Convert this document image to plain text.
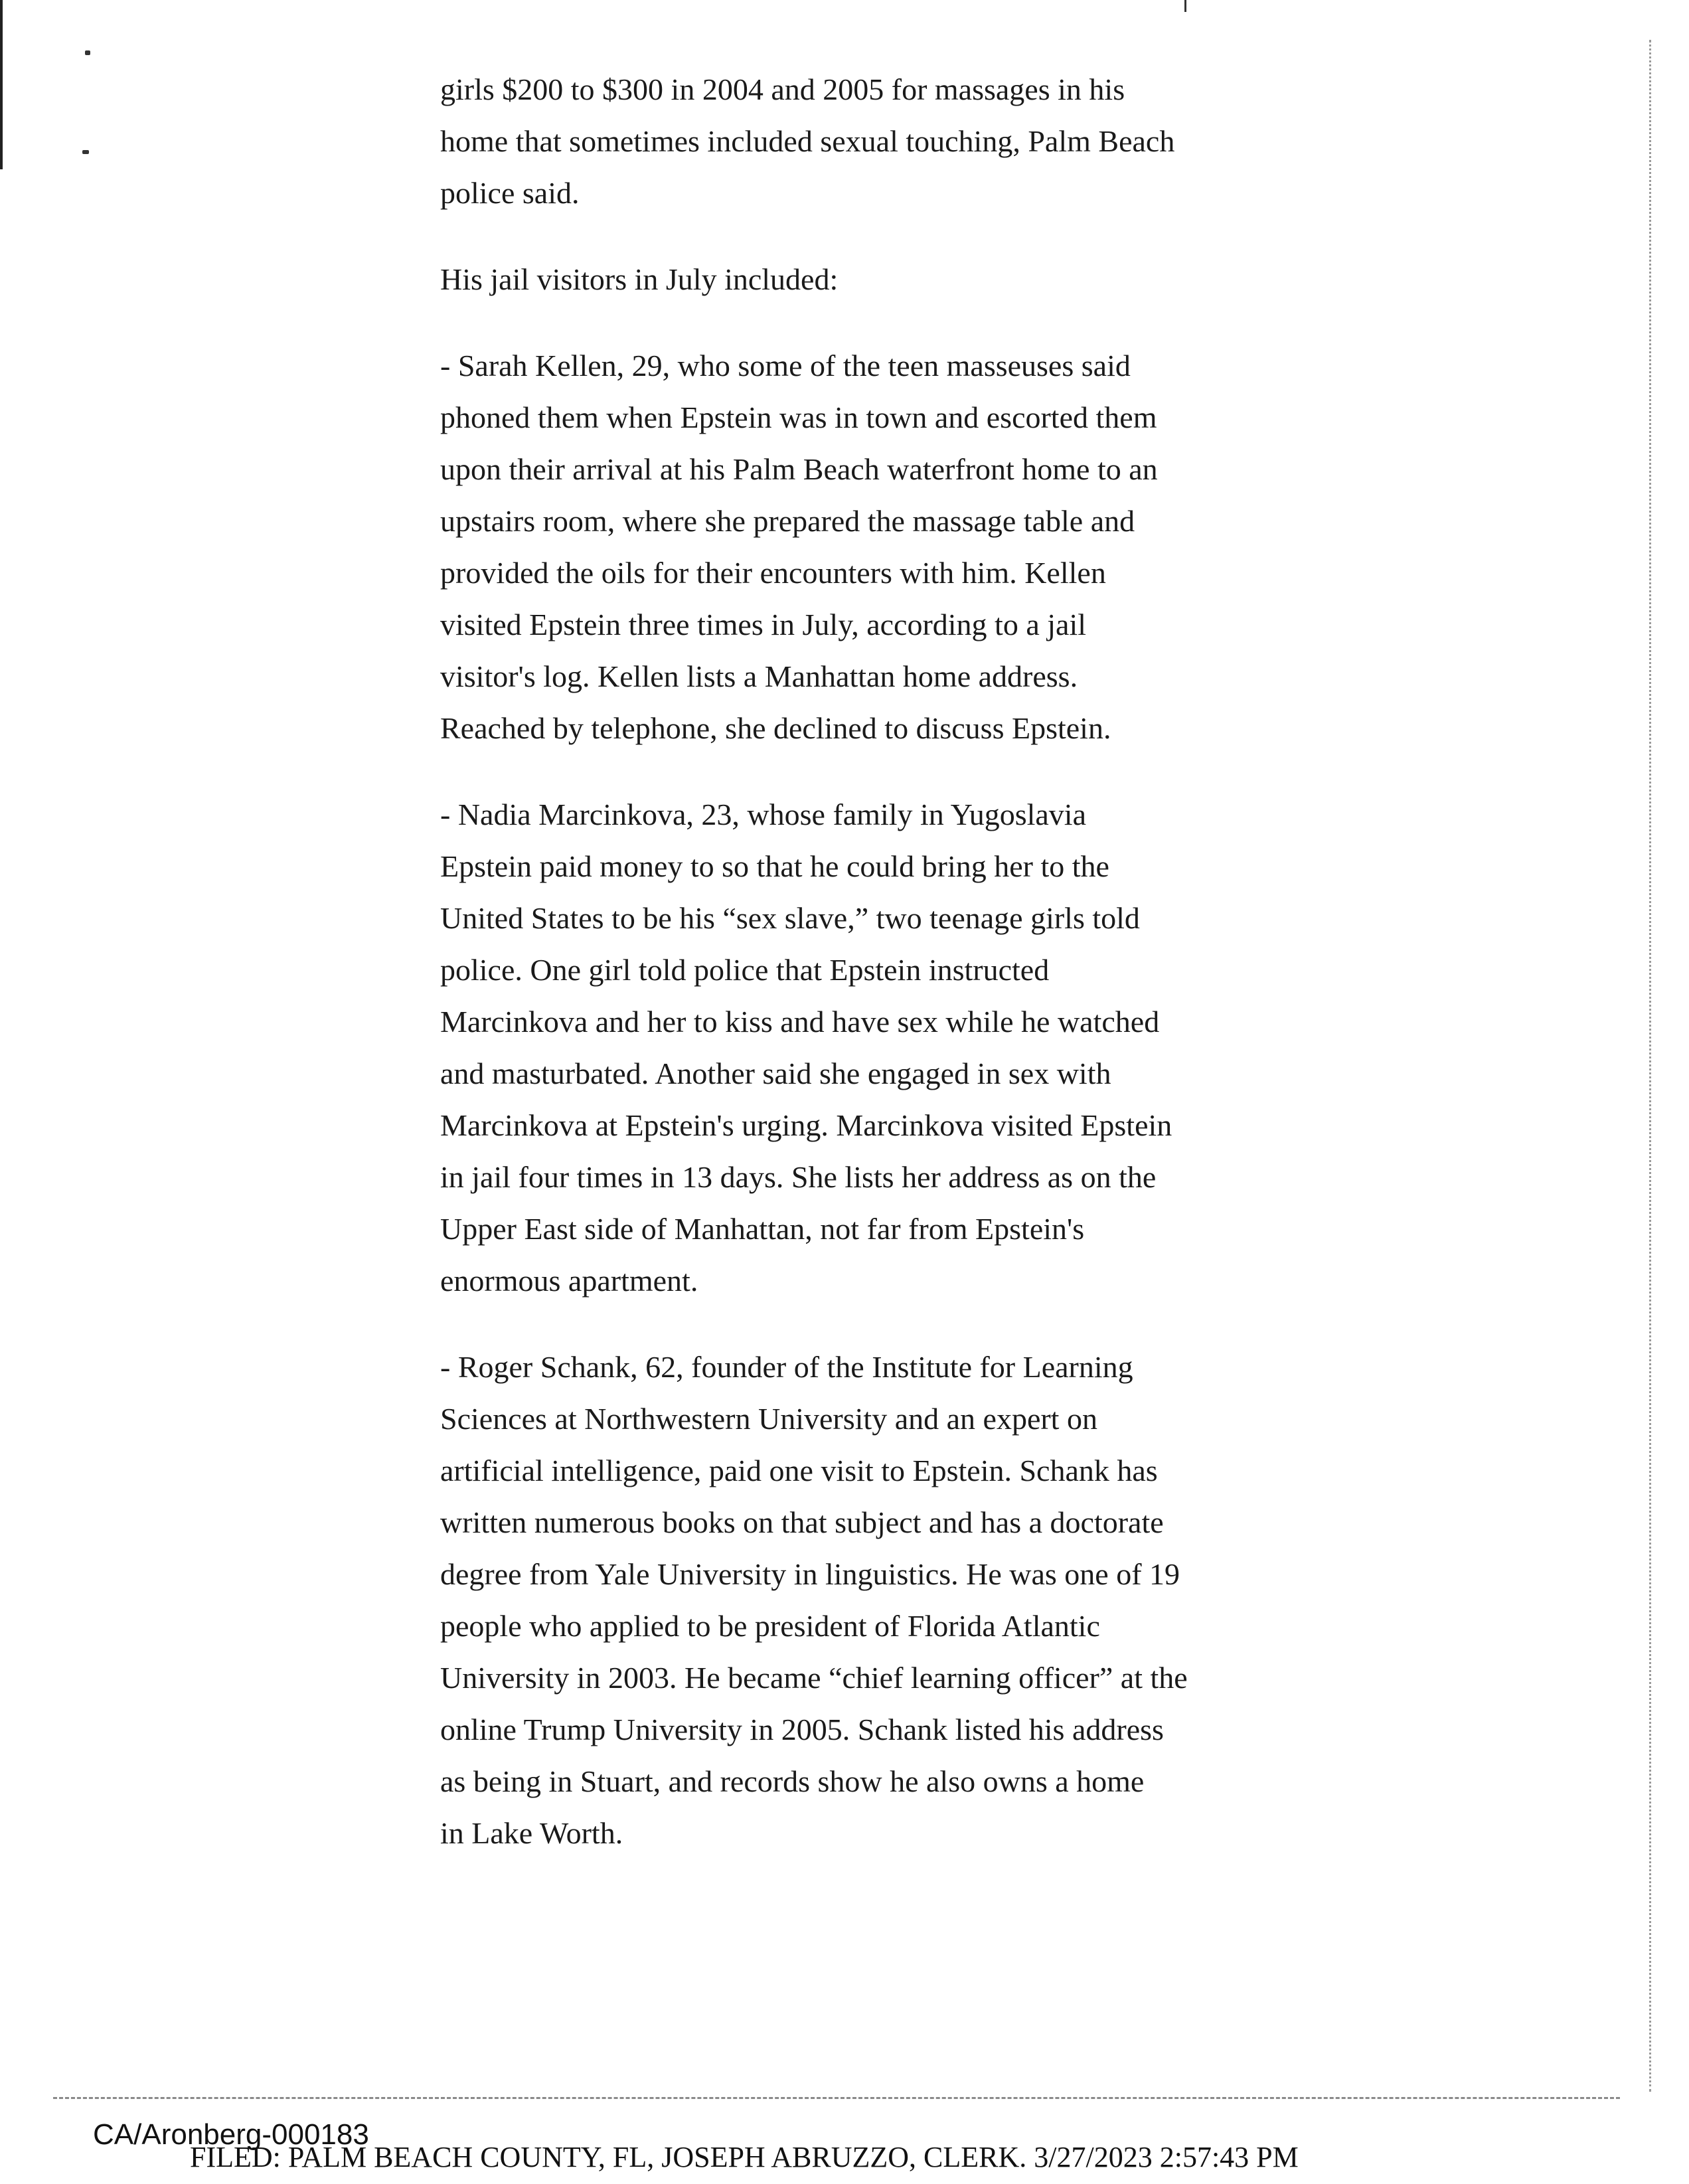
girls $200 to $300 in 2004 and 2005 for massages in his
home that sometimes included sexual touching, Palm Beach
police said.

His jail visitors in July included:

- Sarah Kellen, 29, who some of the teen masseuses said
phoned them when Epstein was in town and escorted them
upon their arrival at his Palm Beach waterfront home to an
upstairs room, where she prepared the massage table and
provided the oils for their encounters with him. Kellen
visited Epstein three times in July, according to a jail
visitor's log. Kellen lists a Manhattan home address.
Reached by telephone, she declined to discuss Epstein.

- Nadia Marcinkova, 23, whose family in Yugoslavia
Epstein paid money to so that he could bring her to the
United States to be his “sex slave,” two teenage girls told
police. One girl told police that Epstein instructed
Marcinkova and her to kiss and have sex while he watched
and masturbated. Another said she engaged in sex with
Marcinkova at Epstein's urging. Marcinkova visited Epstein
in jail four times in 13 days. She lists her address as on the
Upper East side of Manhattan, not far from Epstein's
enormous apartment.

- Roger Schank, 62, founder of the Institute for Learning
Sciences at Northwestern University and an expert on
artificial intelligence, paid one visit to Epstein. Schank has
written numerous books on that subject and has a doctorate
degree from Yale University in linguistics. He was one of 19
people who applied to be president of Florida Atlantic
University in 2003. He became “chief learning officer” at the
online Trump University in 2005. Schank listed his address
as being in Stuart, and records show he also owns a home
in Lake Worth.

CA/Aronberg-000183
FILED: PALM BEACH COUNTY, FL, JOSEPH ABRUZZO, CLERK. 3/27/2023 2:57:43 PM
